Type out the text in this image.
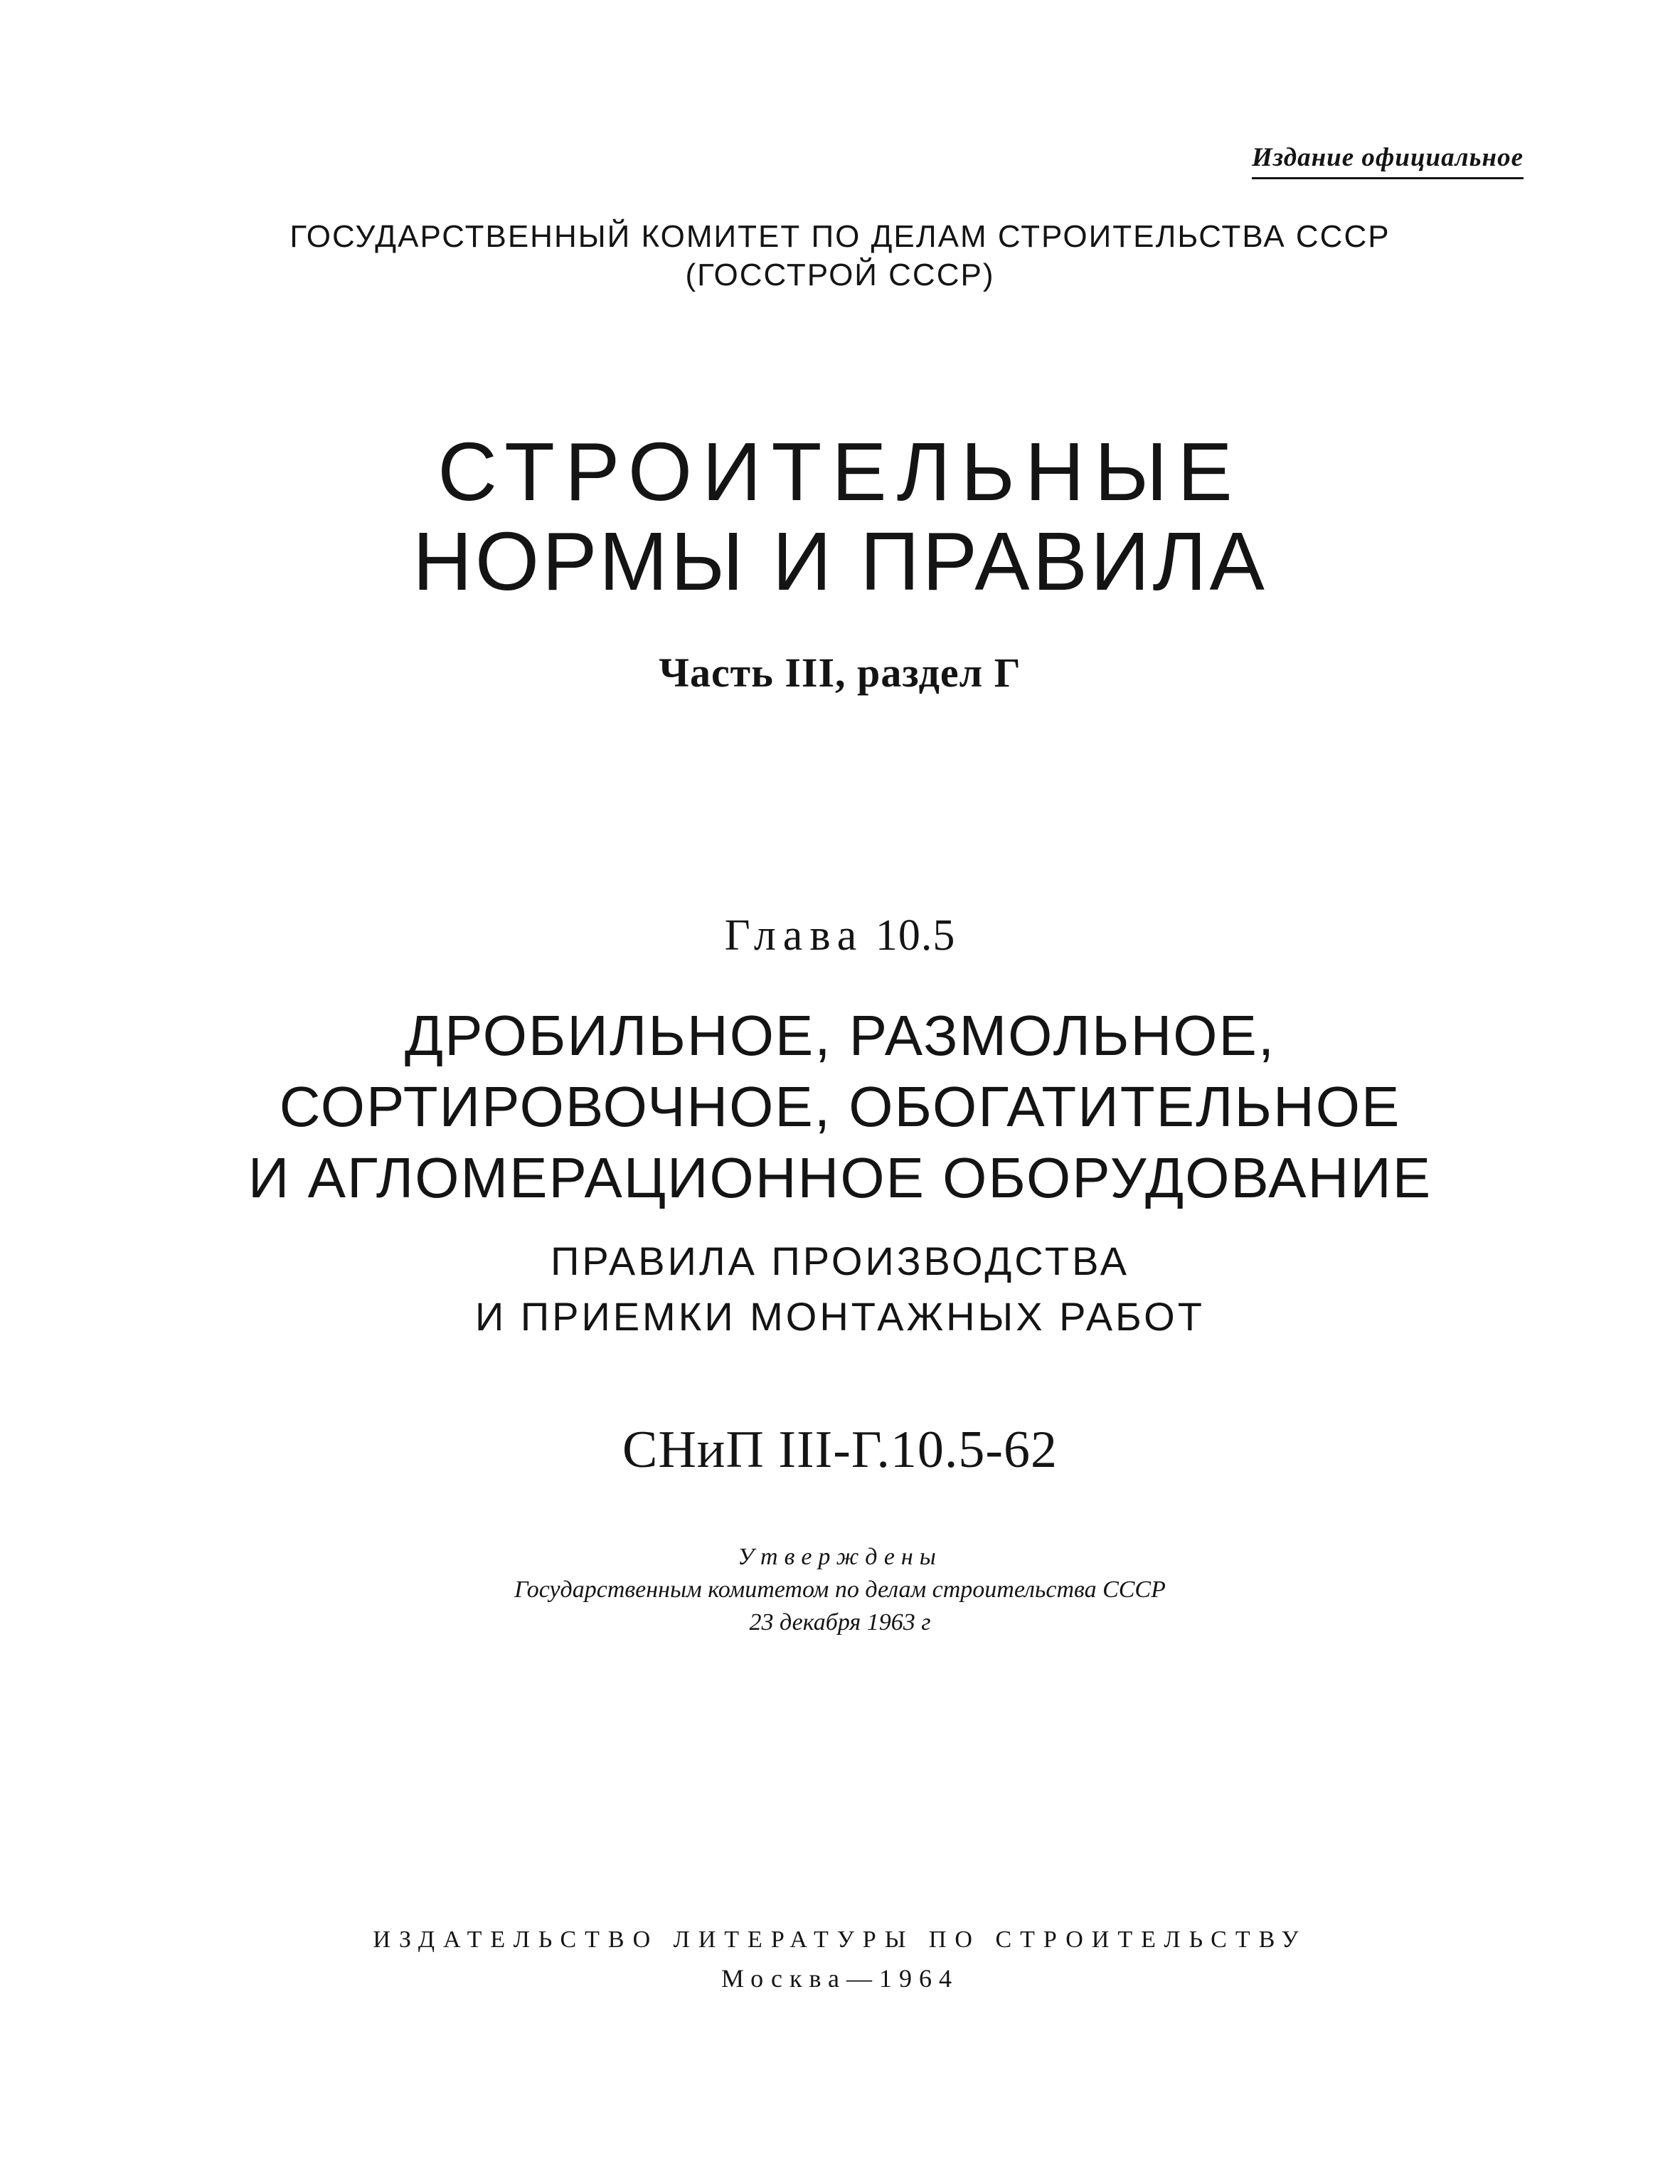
Издание официальное

ГОСУДАРСТВЕННЫЙ КОМИТЕТ ПО ДЕЛАМ СТРОИТЕЛЬСТВА СССР

(ГОССТРОЙ СССР)

СТРОИТЕЛЬНЫЕ

НОРМЫ И ПРАВИЛА

Часть III, раздел Г

Глава 10.5

ДРОБИЛЬНОЕ, РАЗМОЛЬНОЕ,

СОРТИРОВОЧНОЕ, ОБОГАТИТЕЛЬНОЕ

И АГЛОМЕРАЦИОННОЕ ОБОРУДОВАНИЕ

ПРАВИЛА ПРОИЗВОДСТВА

И ПРИЕМКИ МОНТАЖНЫХ РАБОТ

СНиП III-Г.10.5-62

Утверждены

Государственным комитетом по делам строительства СССР

23 декабря 1963 г

ИЗДАТЕЛЬСТВО ЛИТЕРАТУРЫ ПО СТРОИТЕЛЬСТВУ

Москва—1964
